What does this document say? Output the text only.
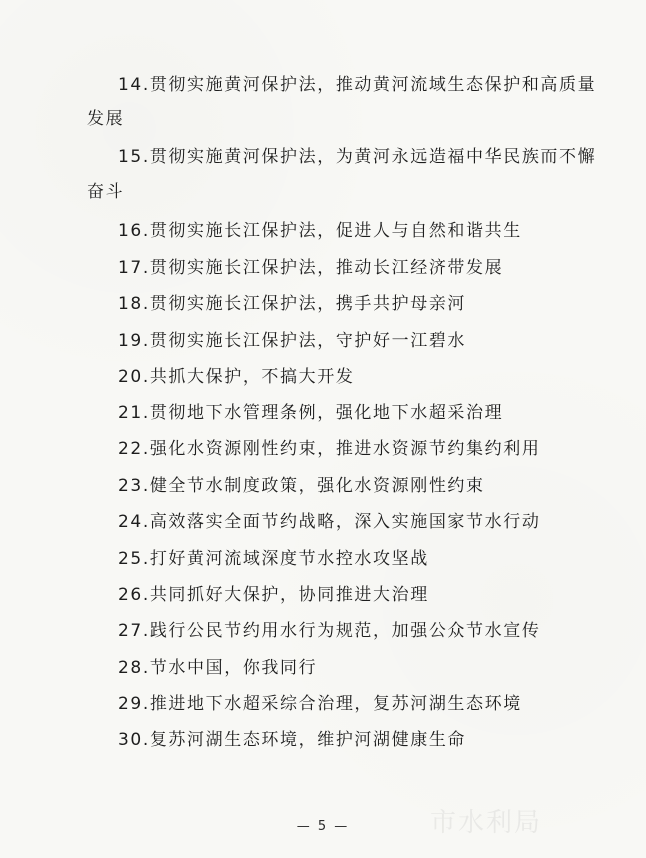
14.贯彻实施黄河保护法，推动黄河流域生态保护和高质量
发展
15.贯彻实施黄河保护法，为黄河永远造福中华民族而不懈
奋斗
16.贯彻实施长江保护法，促进人与自然和谐共生
17.贯彻实施长江保护法，推动长江经济带发展
18.贯彻实施长江保护法，携手共护母亲河
19.贯彻实施长江保护法，守护好一江碧水
20.共抓大保护，不搞大开发
21.贯彻地下水管理条例，强化地下水超采治理
22.强化水资源刚性约束，推进水资源节约集约利用
23.健全节水制度政策，强化水资源刚性约束
24.高效落实全面节约战略，深入实施国家节水行动
25.打好黄河流域深度节水控水攻坚战
26.共同抓好大保护，协同推进大治理
27.践行公民节约用水行为规范，加强公众节水宣传
28.节水中国，你我同行
29.推进地下水超采综合治理，复苏河湖生态环境
30.复苏河湖生态环境，维护河湖健康生命
市水利局
— 5 —
